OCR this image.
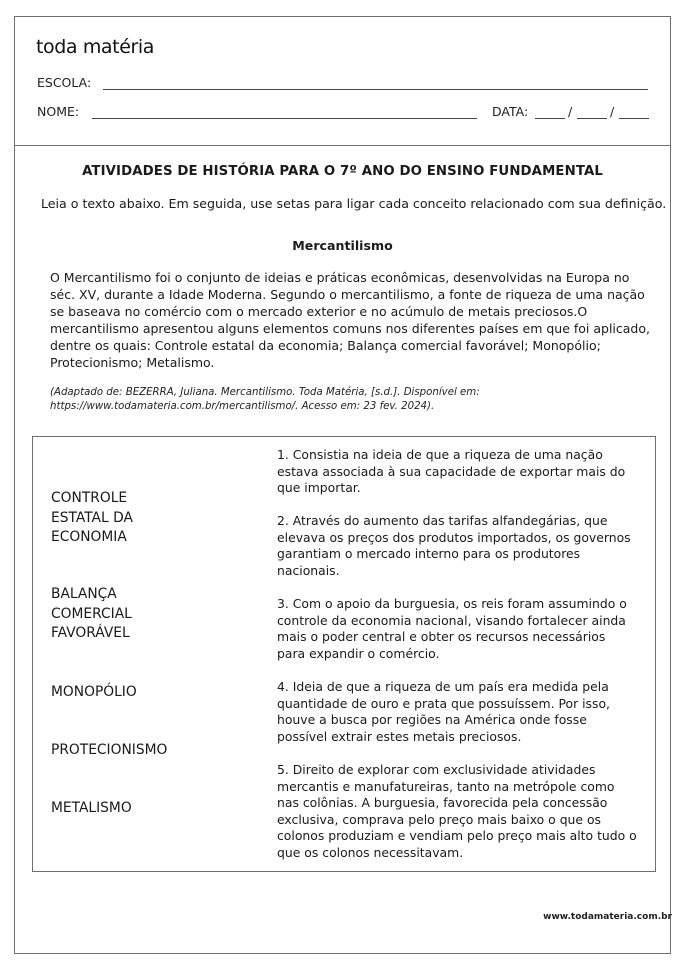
toda matéria
ESCOLA:
NOME:	DATA:	/	/
ATIVIDADES DE HISTÓRIA PARA O 7º ANO DO ENSINO FUNDAMENTAL
Leia o texto abaixo. Em seguida, use setas para ligar cada conceito relacionado com sua definição.
Mercantilismo
O Mercantilismo foi o conjunto de ideias e práticas econômicas, desenvolvidas na Europa no séc. XV, durante a Idade Moderna. Segundo o mercantilismo, a fonte de riqueza de uma nação se baseava no comércio com o mercado exterior e no acúmulo de metais preciosos.O mercantilismo apresentou alguns elementos comuns nos diferentes países em que foi aplicado, dentre os quais: Controle estatal da economia; Balança comercial favorável; Monopólio; Protecionismo; Metalismo.
(Adaptado de: BEZERRA, Juliana. Mercantilismo. Toda Matéria, [s.d.]. Disponível em: https://www.todamateria.com.br/mercantilismo/. Acesso em: 23 fev. 2024).
CONTROLE
ESTATAL DA
ECONOMIA
BALANÇA
COMERCIAL
FAVORÁVEL
MONOPÓLIO
PROTECIONISMO
METALISMO
1. Consistia na ideia de que a riqueza de uma nação estava associada à sua capacidade de exportar mais do que importar.
2. Através do aumento das tarifas alfandegárias, que elevava os preços dos produtos importados, os governos garantiam o mercado interno para os produtores nacionais.
3. Com o apoio da burguesia, os reis foram assumindo o controle da economia nacional, visando fortalecer ainda mais o poder central e obter os recursos necessários para expandir o comércio.
4. Ideia de que a riqueza de um país era medida pela quantidade de ouro e prata que possuíssem. Por isso, houve a busca por regiões na América onde fosse possível extrair estes metais preciosos.
5. Direito de explorar com exclusividade atividades mercantis e manufatureiras, tanto na metrópole como nas colônias. A burguesia, favorecida pela concessão exclusiva, comprava pelo preço mais baixo o que os colonos produziam e vendiam pelo preço mais alto tudo o que os colonos necessitavam.
www.todamateria.com.br
